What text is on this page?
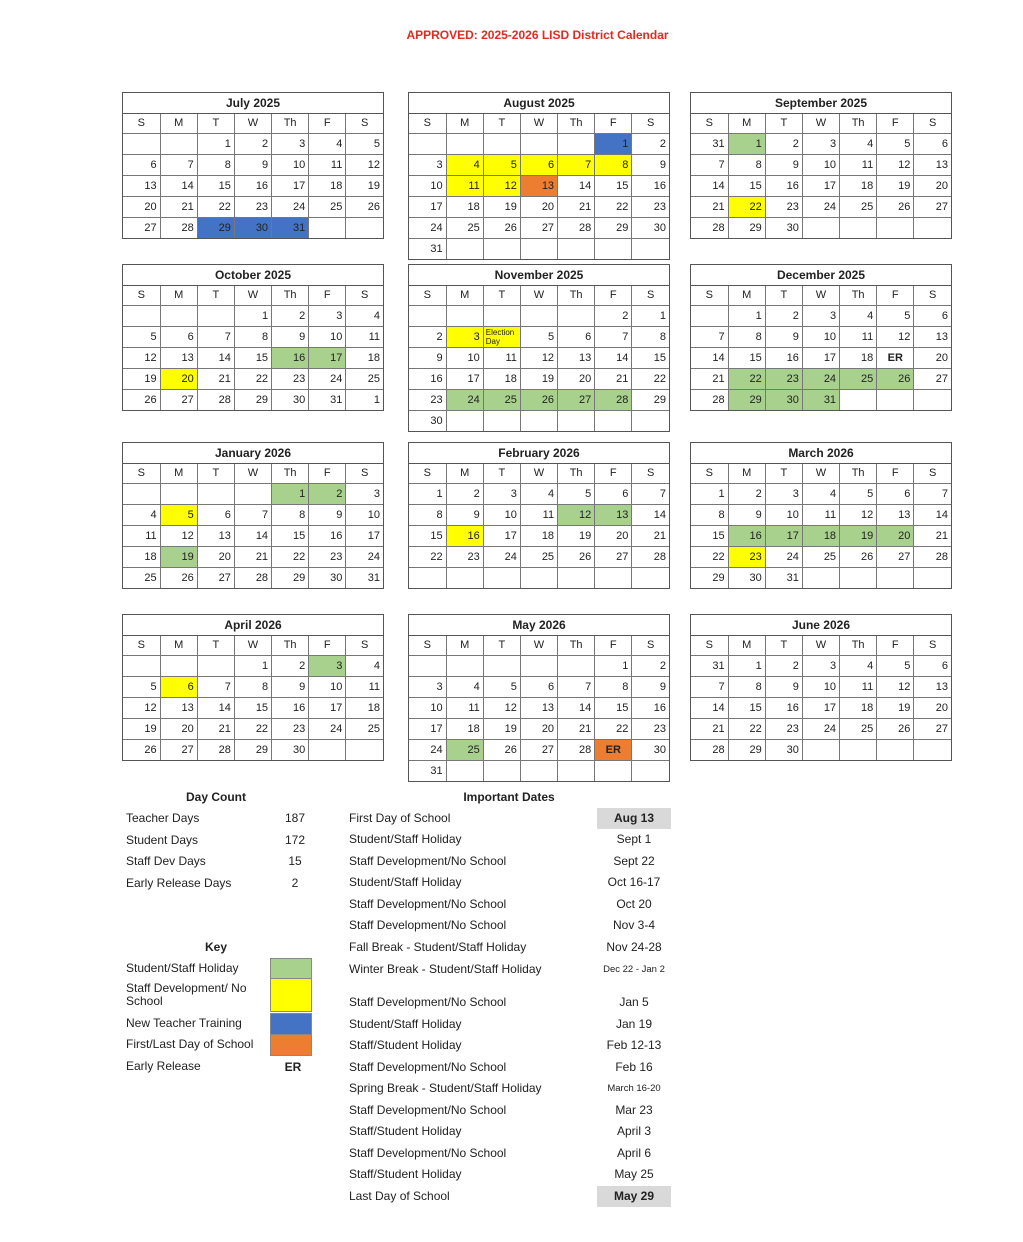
APPROVED: 2025-2026 LISD District Calendar
July 2025
S	M	T	W	Th	F	S
		1	2	3	4	5
6	7	8	9	10	11	12
13	14	15	16	17	18	19
20	21	22	23	24	25	26
27	28	29	30	31		
August 2025
S	M	T	W	Th	F	S
					1	2
3	4	5	6	7	8	9
10	11	12	13	14	15	16
17	18	19	20	21	22	23
24	25	26	27	28	29	30
31						
September 2025
S	M	T	W	Th	F	S
31	1	2	3	4	5	6
7	8	9	10	11	12	13
14	15	16	17	18	19	20
21	22	23	24	25	26	27
28	29	30				
October 2025
S	M	T	W	Th	F	S
			1	2	3	4
5	6	7	8	9	10	11
12	13	14	15	16	17	18
19	20	21	22	23	24	25
26	27	28	29	30	31	1
November 2025
S	M	T	W	Th	F	S
					2	1
2	3	Election Day	5	6	7	8
9	10	11	12	13	14	15
16	17	18	19	20	21	22
23	24	25	26	27	28	29
30						
December 2025
S	M	T	W	Th	F	S
	1	2	3	4	5	6
7	8	9	10	11	12	13
14	15	16	17	18	ER	20
21	22	23	24	25	26	27
28	29	30	31			
January 2026
S	M	T	W	Th	F	S
				1	2	3
4	5	6	7	8	9	10
11	12	13	14	15	16	17
18	19	20	21	22	23	24
25	26	27	28	29	30	31
February 2026
S	M	T	W	Th	F	S
1	2	3	4	5	6	7
8	9	10	11	12	13	14
15	16	17	18	19	20	21
22	23	24	25	26	27	28

March 2026
S	M	T	W	Th	F	S
1	2	3	4	5	6	7
8	9	10	11	12	13	14
15	16	17	18	19	20	21
22	23	24	25	26	27	28
29	30	31				
April 2026
S	M	T	W	Th	F	S
			1	2	3	4
5	6	7	8	9	10	11
12	13	14	15	16	17	18
19	20	21	22	23	24	25
26	27	28	29	30		
May 2026
S	M	T	W	Th	F	S
					1	2
3	4	5	6	7	8	9
10	11	12	13	14	15	16
17	18	19	20	21	22	23
24	25	26	27	28	ER	30
31						
June 2026
S	M	T	W	Th	F	S
31	1	2	3	4	5	6
7	8	9	10	11	12	13
14	15	16	17	18	19	20
21	22	23	24	25	26	27
28	29	30				
Day Count
Teacher Days	187
Student Days	172
Staff Dev Days	15
Early Release Days	2
Key
Student/Staff Holiday
Staff Development/ No School
New Teacher Training
First/Last Day of School
Early Release	ER
Important Dates
First Day of School	Aug 13
Student/Staff Holiday	Sept 1
Staff Development/No School	Sept 22
Student/Staff Holiday	Oct 16-17
Staff Development/No School	Oct 20
Staff Development/No School	Nov 3-4
Fall Break - Student/Staff Holiday	Nov 24-28
Winter Break - Student/Staff Holiday	Dec 22 - Jan 2
Staff Development/No School	Jan 5
Student/Staff Holiday	Jan 19
Staff/Student Holiday	Feb 12-13
Staff Development/No School	Feb 16
Spring Break - Student/Staff Holiday	March 16-20
Staff Development/No School	Mar 23
Staff/Student Holiday	April 3
Staff Development/No School	April 6
Staff/Student Holiday	May 25
Last Day of School	May 29
